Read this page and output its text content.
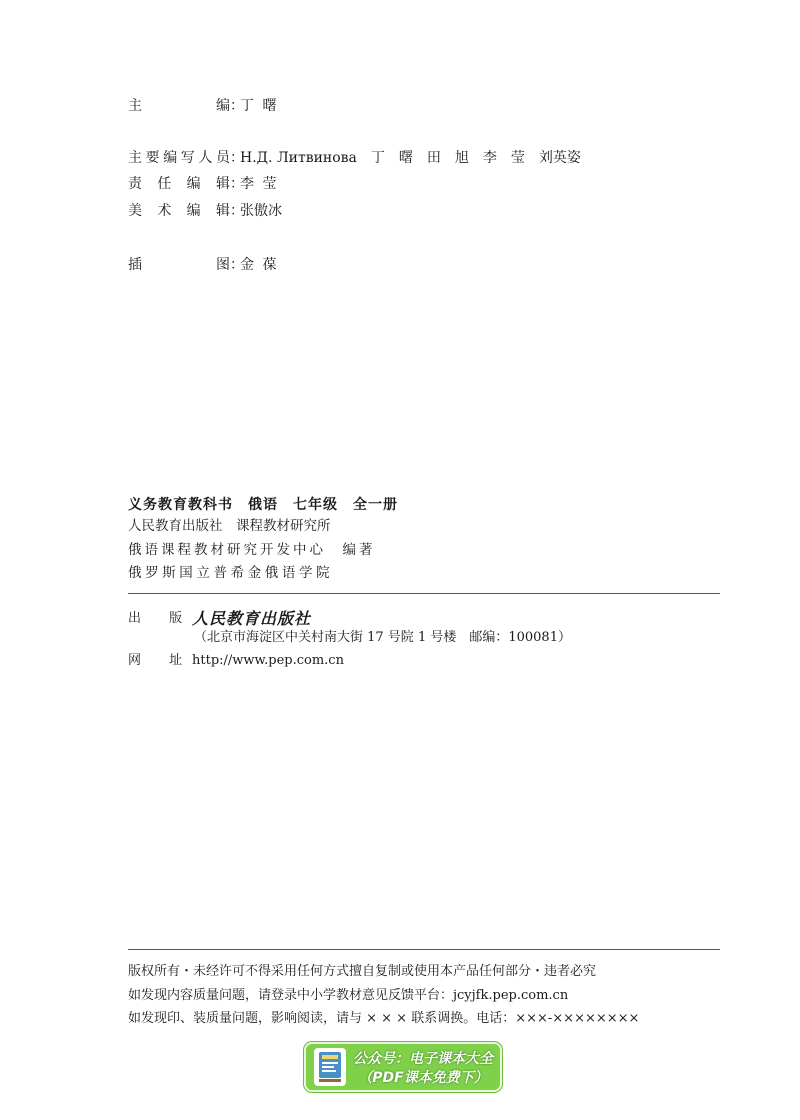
主编：丁 曙
主要编写人员：Н.Д. Литвинова　丁　曙　田　旭　李　莹　刘英姿
责任编辑：李 莹
美术编辑：张傲冰
插图：金 葆
义务教育教科书　俄语　七年级　全一册
人民教育出版社　课程教材研究所
俄语课程教材研究开发中心　编著
俄罗斯国立普希金俄语学院
出 版
人民教育出版社
（北京市海淀区中关村南大街 17 号院 1 号楼　邮编：100081）
网 址
http://www.pep.com.cn
版权所有・未经许可不得采用任何方式擅自复制或使用本产品任何部分・违者必究
如发现内容质量问题，请登录中小学教材意见反馈平台：jcyjfk.pep.com.cn
如发现印、装质量问题，影响阅读，请与 × × × 联系调换。电话：×××-××××××××
公众号：电子课本大全
（PDF课本免费下）
